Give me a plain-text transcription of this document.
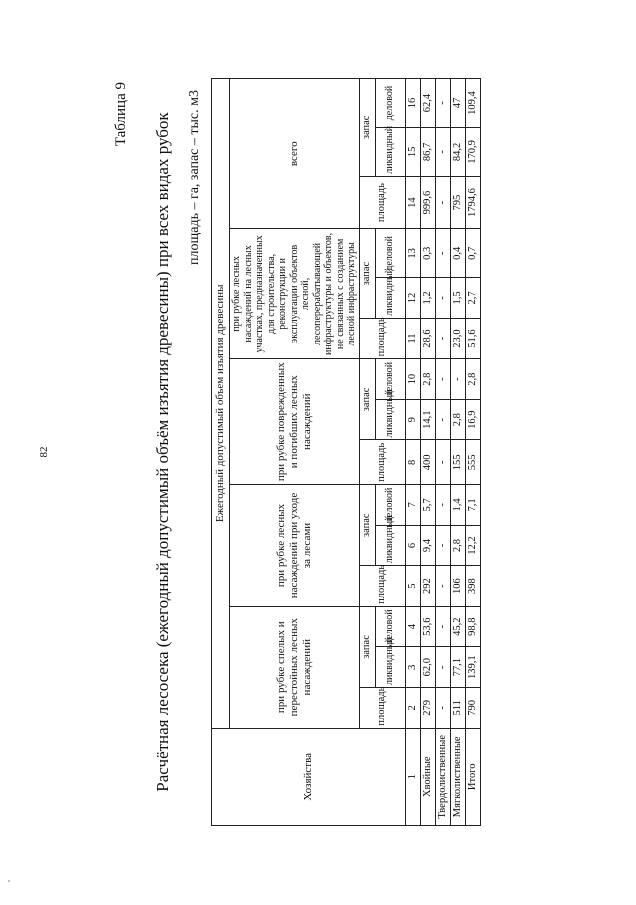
82
Таблица 9 Расчётная лесосека (ежегодный допустимый объём изъятия древесины) при всех видах рубок площадь – га, запас – тыс. м3
Хозяйства	Ежегодный допустимый объем изъятия древесины														
	при рубке спелых и перестойных лесных насаждений			при рубке лесных насаждений при уходе за лесами			при рубке поврежденных и погибших лесных насаждений			при рубке лесных насаждений на лесных участках, предназначенных для строительства, реконструкции и эксплуатации объектов лесной, лесоперерабатывающей инфраструктуры и объектов, не связанных с созданием лесной инфраструктуры			всего		
	площадь	запас		площадь	запас		площадь	запас		площадь	запас		площадь	запас	
		ликвидный	деловой		ликвидный	деловой		ликвидный	деловой		ликвидный	деловой		ликвидный	деловой
1	2	3	4	5	6	7	8	9	10	11	12	13	14	15	16
Хвойные	279	62,0	53,6	292	9,4	5,7	400	14,1	2,8	28,6	1,2	0,3	999,6	86,7	62,4
Твердолиственные	-	-	-	-	-	-	-	-	-	-	-	-	-	-	-
Мягколиственные	511	77,1	45,2	106	2,8	1,4	155	2,8	-	23,0	1,5	0,4	795	84,2	47
Итого	790	139,1	98,8	398	12,2	7,1	555	16,9	2,8	51,6	2,7	0,7	1794,6	170,9	109,4
